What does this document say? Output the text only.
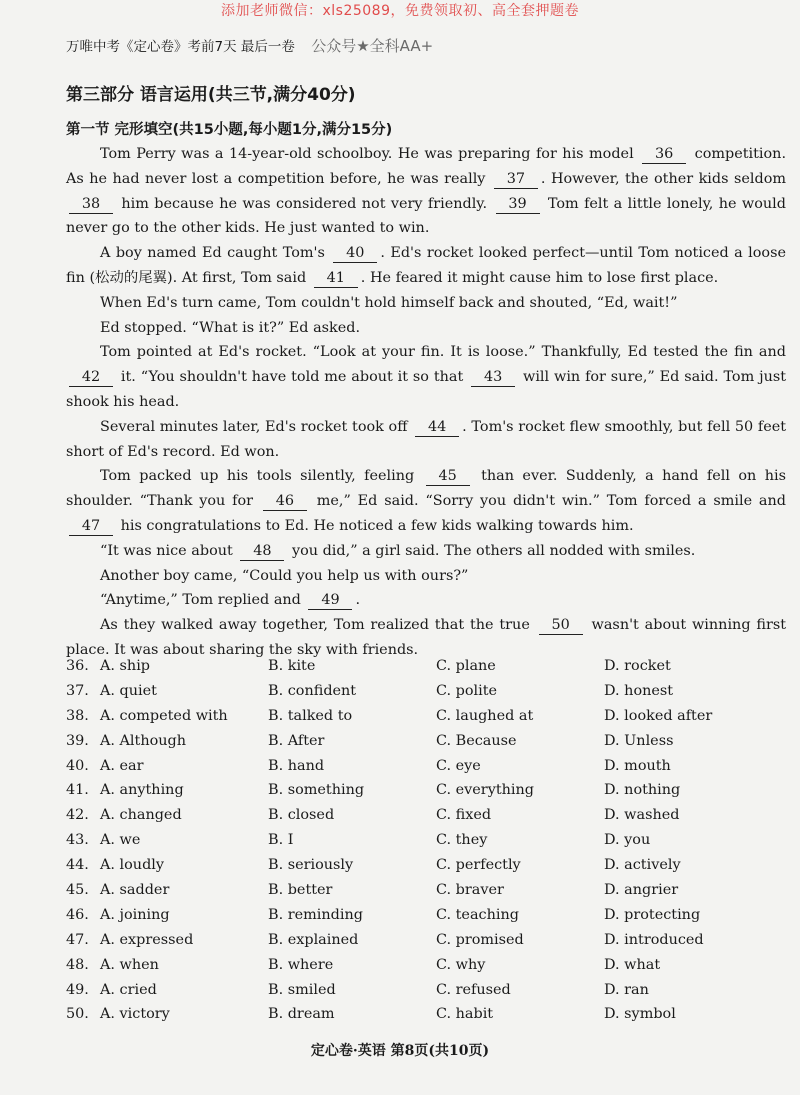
添加老师微信：xls25089，免费领取初、高全套押题卷
万唯中考《定心卷》考前7天 最后一卷 公众号★全科AA+
第三部分 语言运用(共三节,满分40分)
第一节 完形填空(共15小题,每小题1分,满分15分)

Tom Perry was a 14-year-old schoolboy. He was preparing for his model 36 competition. As he had never lost a competition before, he was really 37 . However, the other kids seldom 38 him because he was considered not very friendly. 39 Tom felt a little lonely, he would never go to the other kids. He just wanted to win.

A boy named Ed caught Tom's 40 . Ed's rocket looked perfect—until Tom noticed a loose fin (松动的尾翼). At first, Tom said 41 . He feared it might cause him to lose first place.

When Ed's turn came, Tom couldn't hold himself back and shouted, “Ed, wait!”

Ed stopped. “What is it?” Ed asked.

Tom pointed at Ed's rocket. “Look at your fin. It is loose.” Thankfully, Ed tested the fin and 42 it. “You shouldn't have told me about it so that 43 will win for sure,” Ed said. Tom just shook his head.

Several minutes later, Ed's rocket took off 44 . Tom's rocket flew smoothly, but fell 50 feet short of Ed's record. Ed won.

Tom packed up his tools silently, feeling 45 than ever. Suddenly, a hand fell on his shoulder. “Thank you for 46 me,” Ed said. “Sorry you didn't win.” Tom forced a smile and 47 his congratulations to Ed. He noticed a few kids walking towards him.

“It was nice about 48 you did,” a girl said. The others all nodded with smiles.

Another boy came, “Could you help us with ours?”

“Anytime,” Tom replied and 49 .

As they walked away together, Tom realized that the true 50 wasn't about winning first place. It was about sharing the sky with friends.

36. A. ship	B. kite	C. plane	D. rocket
37. A. quiet	B. confident	C. polite	D. honest
38. A. competed with	B. talked to	C. laughed at	D. looked after
39. A. Although	B. After	C. Because	D. Unless
40. A. ear	B. hand	C. eye	D. mouth
41. A. anything	B. something	C. everything	D. nothing
42. A. changed	B. closed	C. fixed	D. washed
43. A. we	B. I	C. they	D. you
44. A. loudly	B. seriously	C. perfectly	D. actively
45. A. sadder	B. better	C. braver	D. angrier
46. A. joining	B. reminding	C. teaching	D. protecting
47. A. expressed	B. explained	C. promised	D. introduced
48. A. when	B. where	C. why	D. what
49. A. cried	B. smiled	C. refused	D. ran
50. A. victory	B. dream	C. habit	D. symbol
定心卷·英语 第8页(共10页)
